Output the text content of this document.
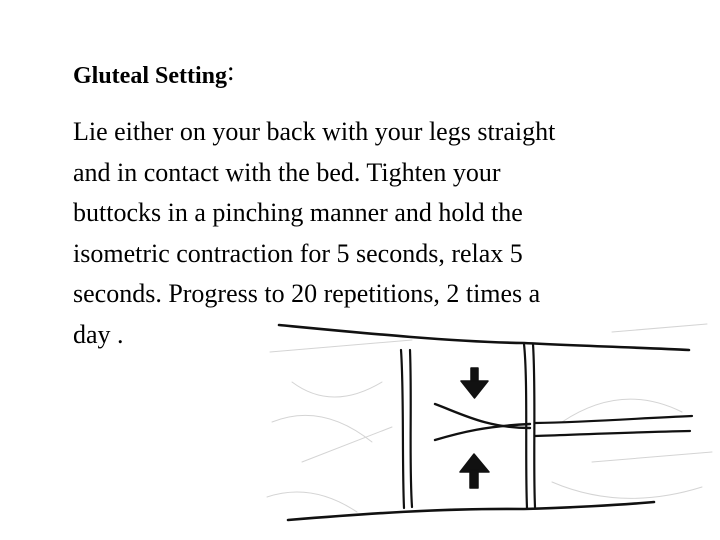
Gluteal Setting:

Lie either on your back with your legs straight
and in contact with the bed. Tighten your
buttocks in a pinching manner and hold the
isometric contraction for 5 seconds, relax 5
seconds. Progress to 20 repetitions, 2 times a
day .
